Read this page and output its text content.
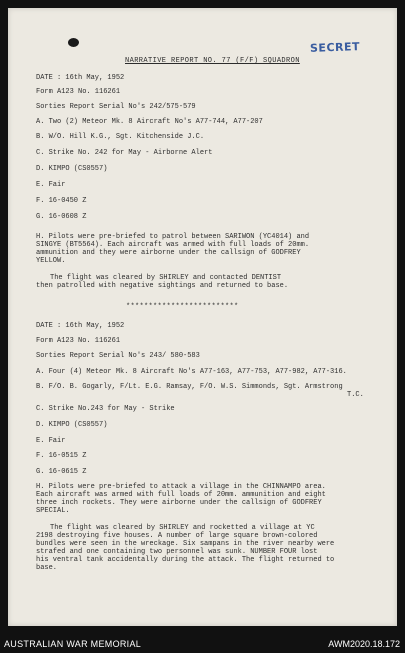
SECRET
NARRATIVE REPORT NO. 77 (F/F) SQUADRON
DATE : 16th May, 1952
Form A123 No. 116261
Sorties Report Serial No's 242/575-579
A. Two (2) Meteor Mk. 8 Aircraft No's A77-744, A77-207
B. W/O. Hill K.G., Sgt. Kitchenside J.C.
C. Strike No. 242 for May - Airborne Alert
D. KIMPO (CS0557)
E. Fair
F. 16-0450 Z
G. 16-0608 Z
H. Pilots were pre-briefed to patrol between SARIWON (YC4014) and
SINGYE (BT5564). Each aircraft was armed with full loads of 20mm.
ammunition and they were airborne under the callsign of GODFREY
YELLOW.
The flight was cleared by SHIRLEY and contacted DENTIST
then patrolled with negative sightings and returned to base.
*************************
DATE : 16th May, 1952
Form A123 No. 116261
Sorties Report Serial No's 243/ 580-583
A. Four (4) Meteor Mk. 8 Aircraft No's A77-163, A77-753, A77-982, A77-316.
B. F/O. B. Gogarly, F/Lt. E.G. Ramsay, F/O. W.S. Simmonds, Sgt. Armstrong
T.C.
C. Strike No.243 for May - Strike
D. KIMPO (CS0557)
E. Fair
F. 16-0515 Z
G. 16-0615 Z
H. Pilots were pre-briefed to attack a village in the CHINNAMPO area.
Each aircraft was armed with full loads of 20mm. ammunition and eight
three inch rockets. They were airborne under the callsign of GODFREY
SPECIAL.
The flight was cleared by SHIRLEY and rocketted a village at YC
2198 destroying five houses. A number of large square brown-colored
bundles were seen in the wreckage. Six sampans in the river nearby were
strafed and one containing two personnel was sunk. NUMBER FOUR lost
his ventral tank accidentally during the attack. The flight returned to
base.
AUSTRALIAN WAR MEMORIAL	AWM2020.18.172
